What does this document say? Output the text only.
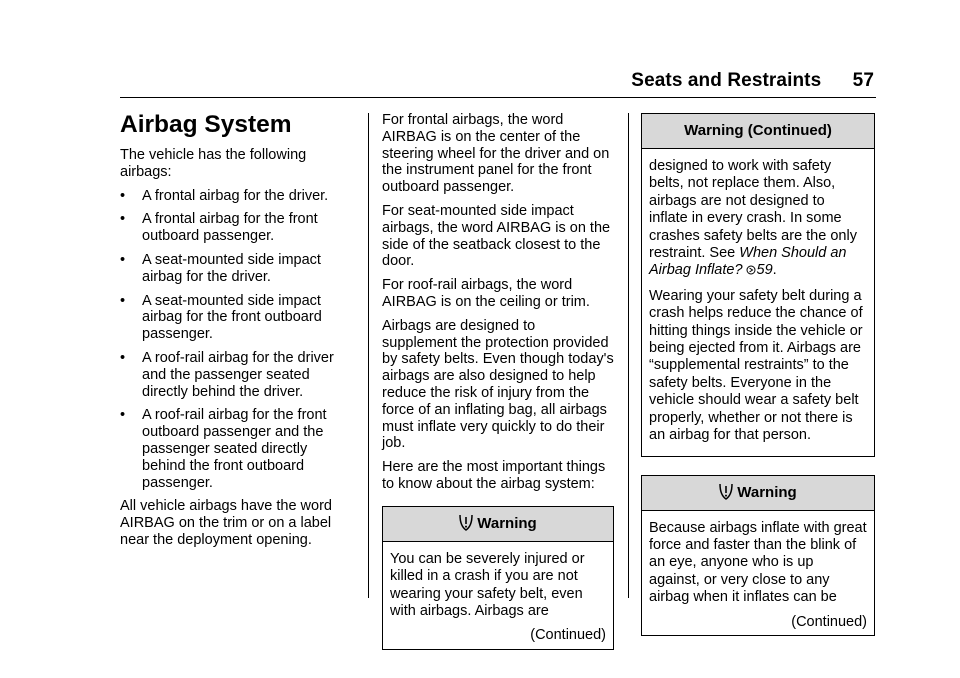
Seats and Restraints 57
Airbag System

The vehicle has the following airbags:

• A frontal airbag for the driver.
• A frontal airbag for the front outboard passenger.
• A seat-mounted side impact airbag for the driver.
• A seat-mounted side impact airbag for the front outboard passenger.
• A roof-rail airbag for the driver and the passenger seated directly behind the driver.
• A roof-rail airbag for the front outboard passenger and the passenger seated directly behind the front outboard passenger.

All vehicle airbags have the word AIRBAG on the trim or on a label near the deployment opening.

For frontal airbags, the word AIRBAG is on the center of the steering wheel for the driver and on the instrument panel for the front outboard passenger.

For seat-mounted side impact airbags, the word AIRBAG is on the side of the seatback closest to the door.

For roof-rail airbags, the word AIRBAG is on the ceiling or trim.

Airbags are designed to supplement the protection provided by safety belts. Even though today's airbags are also designed to help reduce the risk of injury from the force of an inflating bag, all airbags must inflate very quickly to do their job.

Here are the most important things to know about the airbag system:

Warning

You can be severely injured or killed in a crash if you are not wearing your safety belt, even with airbags. Airbags are

(Continued)
Warning (Continued)

designed to work with safety belts, not replace them. Also, airbags are not designed to inflate in every crash. In some crashes safety belts are the only restraint. See When Should an Airbag Inflate? 59.

Wearing your safety belt during a crash helps reduce the chance of hitting things inside the vehicle or being ejected from it. Airbags are “supplemental restraints” to the safety belts. Everyone in the vehicle should wear a safety belt properly, whether or not there is an airbag for that person.

Warning

Because airbags inflate with great force and faster than the blink of an eye, anyone who is up against, or very close to any airbag when it inflates can be

(Continued)
